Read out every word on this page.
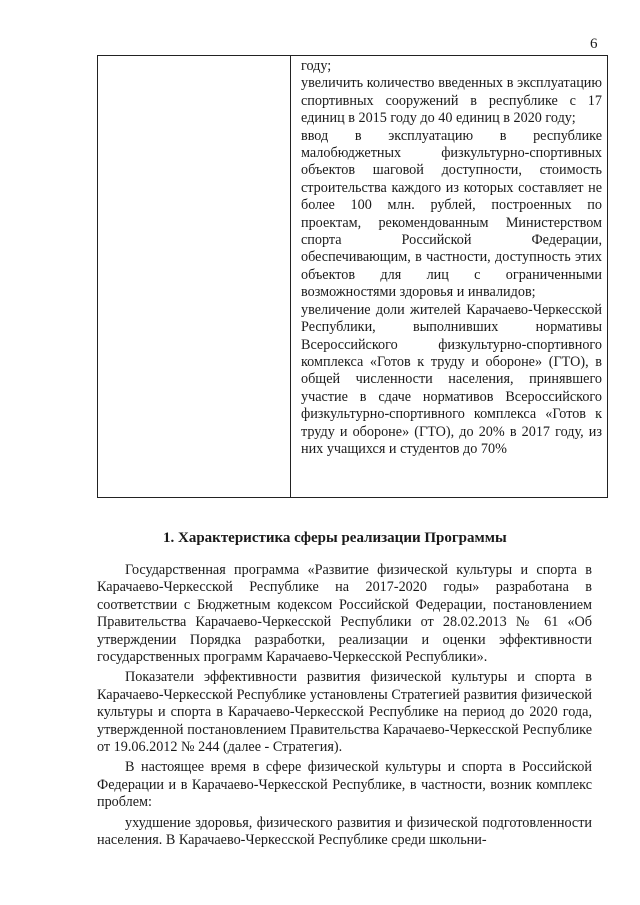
6

году;

увеличить количество введенных в эксплуатацию спортивных сооружений в республике с 17 единиц в 2015 году до 40 единиц в 2020 году;

ввод в эксплуатацию в республике малобюджетных физкультурно-спортивных объектов шаговой доступности, стоимость строительства каждого из которых составляет не более 100 млн. рублей, построенных по проектам, рекомендованным Министерством спорта Российской Федерации, обеспечивающим, в частности, доступность этих объектов для лиц с ограниченными возможностями здоровья и инвалидов;

увеличение доли жителей Карачаево-Черкесской Республики, выполнивших нормативы Всероссийского физкультурно-спортивного комплекса «Готов к труду и обороне» (ГТО), в общей численности населения, принявшего участие в сдаче нормативов Всероссийского физкультурно-спортивного комплекса «Готов к труду и обороне» (ГТО), до 20% в 2017 году, из них учащихся и студентов до 70%

1. Характеристика сферы реализации Программы

Государственная программа «Развитие физической культуры и спорта в Карачаево-Черкесской Республике на 2017-2020 годы» разработана в соответствии с Бюджетным кодексом Российской Федерации, постановлением Правительства Карачаево-Черкесской Республики от 28.02.2013 № 61 «Об утверждении Порядка разработки, реализации и оценки эффективности государственных программ Карачаево-Черкесской Республики».

Показатели эффективности развития физической культуры и спорта в Карачаево-Черкесской Республике установлены Стратегией развития физической культуры и спорта в Карачаево-Черкесской Республике на период до 2020 года, утвержденной постановлением Правительства Карачаево-Черкесской Республике от 19.06.2012 № 244 (далее - Стратегия).

В настоящее время в сфере физической культуры и спорта в Российской Федерации и в Карачаево-Черкесской Республике, в частности, возник комплекс проблем:

ухудшение здоровья, физического развития и физической подготовленности населения. В Карачаево-Черкесской Республике среди школьни-
